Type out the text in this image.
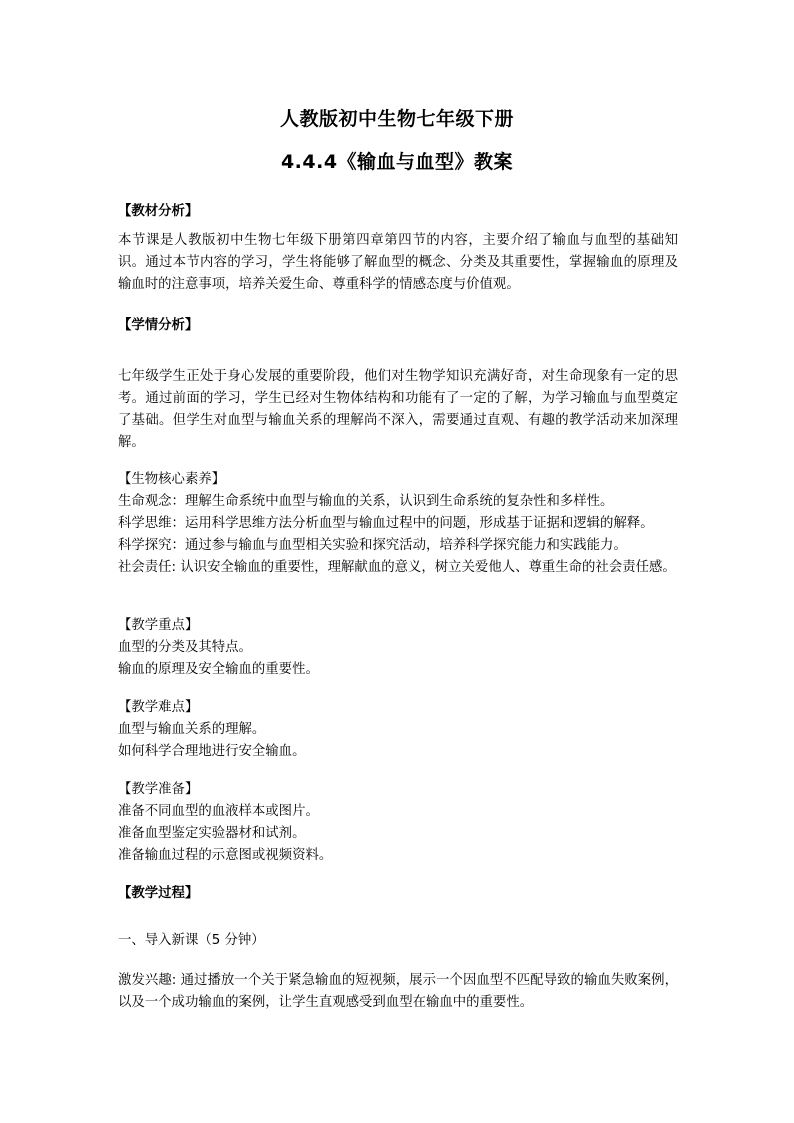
人教版初中生物七年级下册
4.4.4《输血与血型》教案
【教材分析】

本节课是人教版初中生物七年级下册第四章第四节的内容，主要介绍了输血与血型的基础知识。通过本节内容的学习，学生将能够了解血型的概念、分类及其重要性，掌握输血的原理及输血时的注意事项，培养关爱生命、尊重科学的情感态度与价值观。

【学情分析】

七年级学生正处于身心发展的重要阶段，他们对生物学知识充满好奇，对生命现象有一定的思考。通过前面的学习，学生已经对生物体结构和功能有了一定的了解，为学习输血与血型奠定了基础。但学生对血型与输血关系的理解尚不深入，需要通过直观、有趣的教学活动来加深理解。

【生物核心素养】

生命观念：理解生命系统中血型与输血的关系，认识到生命系统的复杂性和多样性。

科学思维：运用科学思维方法分析血型与输血过程中的问题，形成基于证据和逻辑的解释。

科学探究：通过参与输血与血型相关实验和探究活动，培养科学探究能力和实践能力。

社会责任: 认识安全输血的重要性，理解献血的意义，树立关爱他人、尊重生命的社会责任感。

【教学重点】

血型的分类及其特点。

输血的原理及安全输血的重要性。

【教学难点】

血型与输血关系的理解。

如何科学合理地进行安全输血。

【教学准备】

准备不同血型的血液样本或图片。

准备血型鉴定实验器材和试剂。

准备输血过程的示意图或视频资料。

【教学过程】
一、导入新课（5 分钟）

激发兴趣: 通过播放一个关于紧急输血的短视频，展示一个因血型不匹配导致的输血失败案例，以及一个成功输血的案例，让学生直观感受到血型在输血中的重要性。
